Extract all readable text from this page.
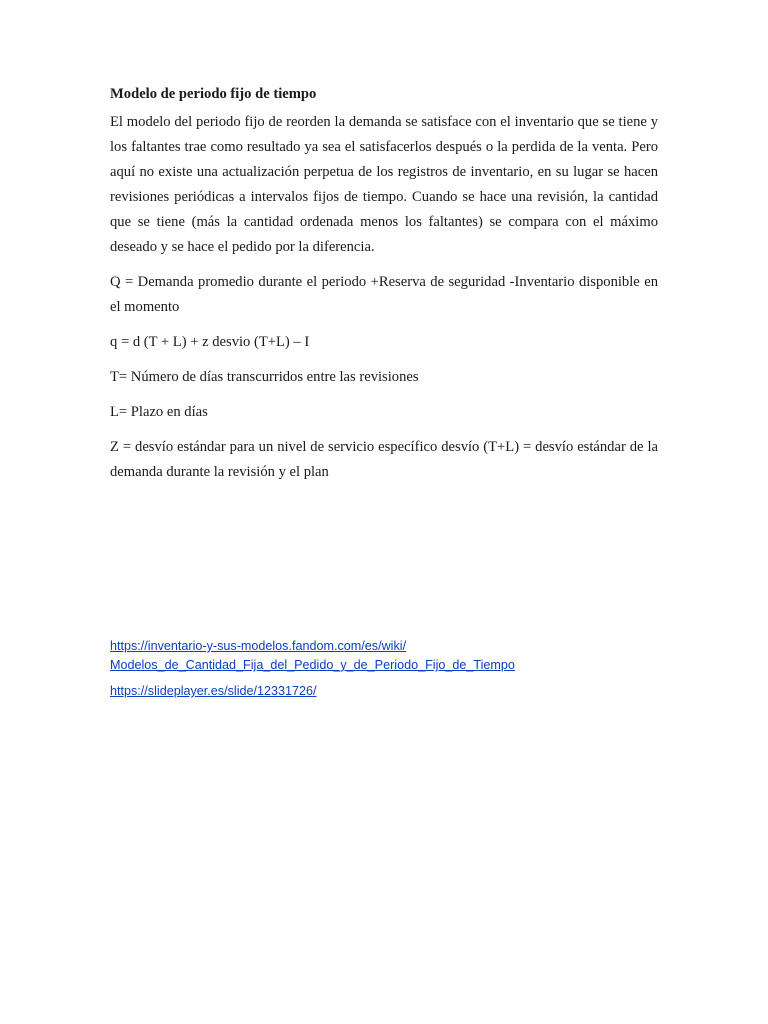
Modelo de periodo fijo de tiempo
El modelo del periodo fijo de reorden la demanda se satisface con el inventario que se tiene y los faltantes trae como resultado ya sea el satisfacerlos después o la perdida de la venta. Pero aquí no existe una actualización perpetua de los registros de inventario, en su lugar se hacen revisiones periódicas a intervalos fijos de tiempo. Cuando se hace una revisión, la cantidad que se tiene (más la cantidad ordenada menos los faltantes) se compara con el máximo deseado y se hace el pedido por la diferencia.
Q = Demanda promedio durante el periodo +Reserva de seguridad -Inventario disponible en el momento
q = d (T + L) + z desvio (T+L) – I
T= Número de días transcurridos entre las revisiones
L= Plazo en días
Z = desvío estándar para un nivel de servicio específico desvío (T+L) = desvío estándar de la demanda durante la revisión y el plan
https://inventario-y-sus-modelos.fandom.com/es/wiki/
Modelos_de_Cantidad_Fija_del_Pedido_y_de_Periodo_Fijo_de_Tiempo
https://slideplayer.es/slide/12331726/
